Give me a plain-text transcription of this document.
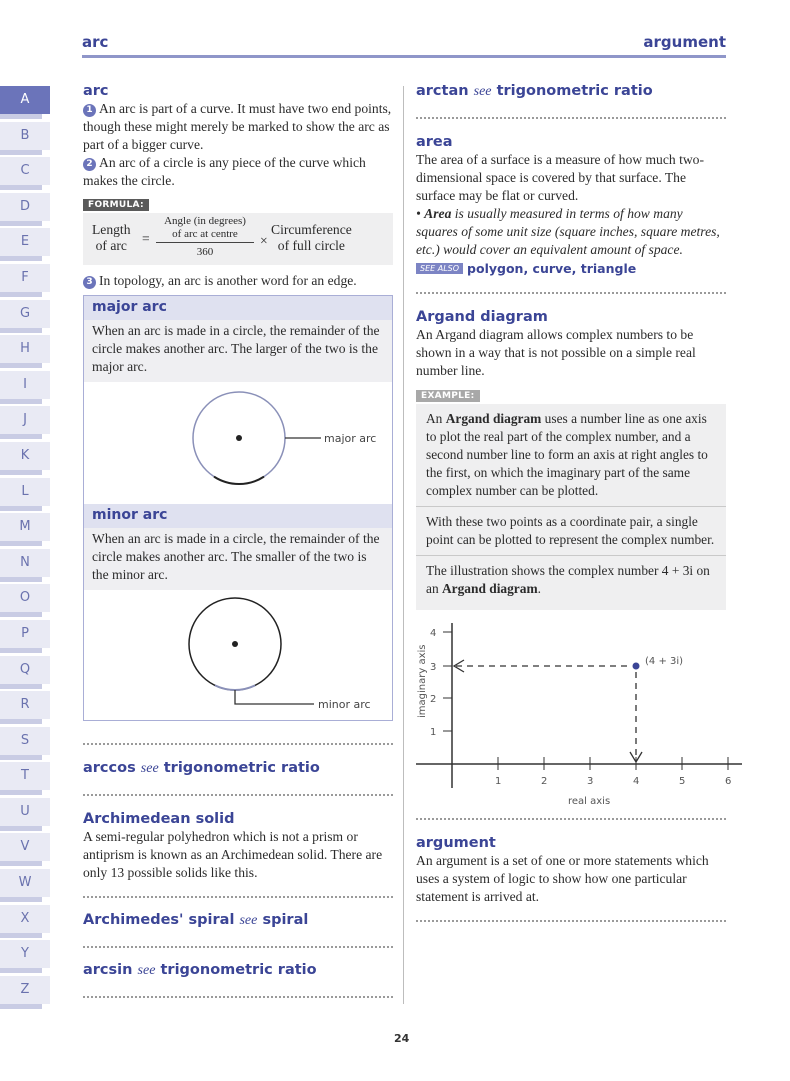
arc	argument
A
B
C
D
E
F
G
H
I
J
K
L
M
N
O
P
Q
R
S
T
U
V
W
X
Y
Z
arc

1 An arc is part of a curve. It must have two end points, though these might merely be marked to show the arc as part of a bigger curve.

2 An arc of a circle is any piece of the curve which makes the circle.

FORMULA:
Length
of arc =
Angle (in degrees)
of arc at centre
360
×
Circumference
of full circle

3 In topology, an arc is another word for an edge.

major arc

When an arc is made in a circle, the remainder of the circle makes another arc. The larger of the two is the major arc.

major arc
minor arc

When an arc is made in a circle, the remainder of the circle makes another arc. The smaller of the two is the minor arc.

minor arc
arccos see trigonometric ratio
Archimedean solid

A semi-regular polyhedron which is not a prism or antiprism is known as an Archimedean solid. There are only 13 possible solids like this.

Archimedes' spiral see spiral
arcsin see trigonometric ratio
arctan see trigonometric ratio
area

The area of a surface is a measure of how much two-dimensional space is covered by that surface. The surface may be flat or curved.

• Area is usually measured in terms of how many squares of some unit size (square inches, square metres, etc.) would cover an equivalent amount of space.

SEE ALSO polygon, curve, triangle
Argand diagram

An Argand diagram allows complex numbers to be shown in a way that is not possible on a simple real number line.

EXAMPLE:
An Argand diagram uses a number line as one axis to plot the real part of the complex number, and a second number line to form an axis at right angles to the first, on which the imaginary part of the same complex number can be plotted.
With these two points as a coordinate pair, a single point can be plotted to represent the complex number.
The illustration shows the complex number 4 + 3i on an Argand diagram.
4
3
2
1
1	2	3	4	5	6
(4 + 3i)
real axis
imaginary axis
argument

An argument is a set of one or more statements which uses a system of logic to show how one particular statement is arrived at.

24
